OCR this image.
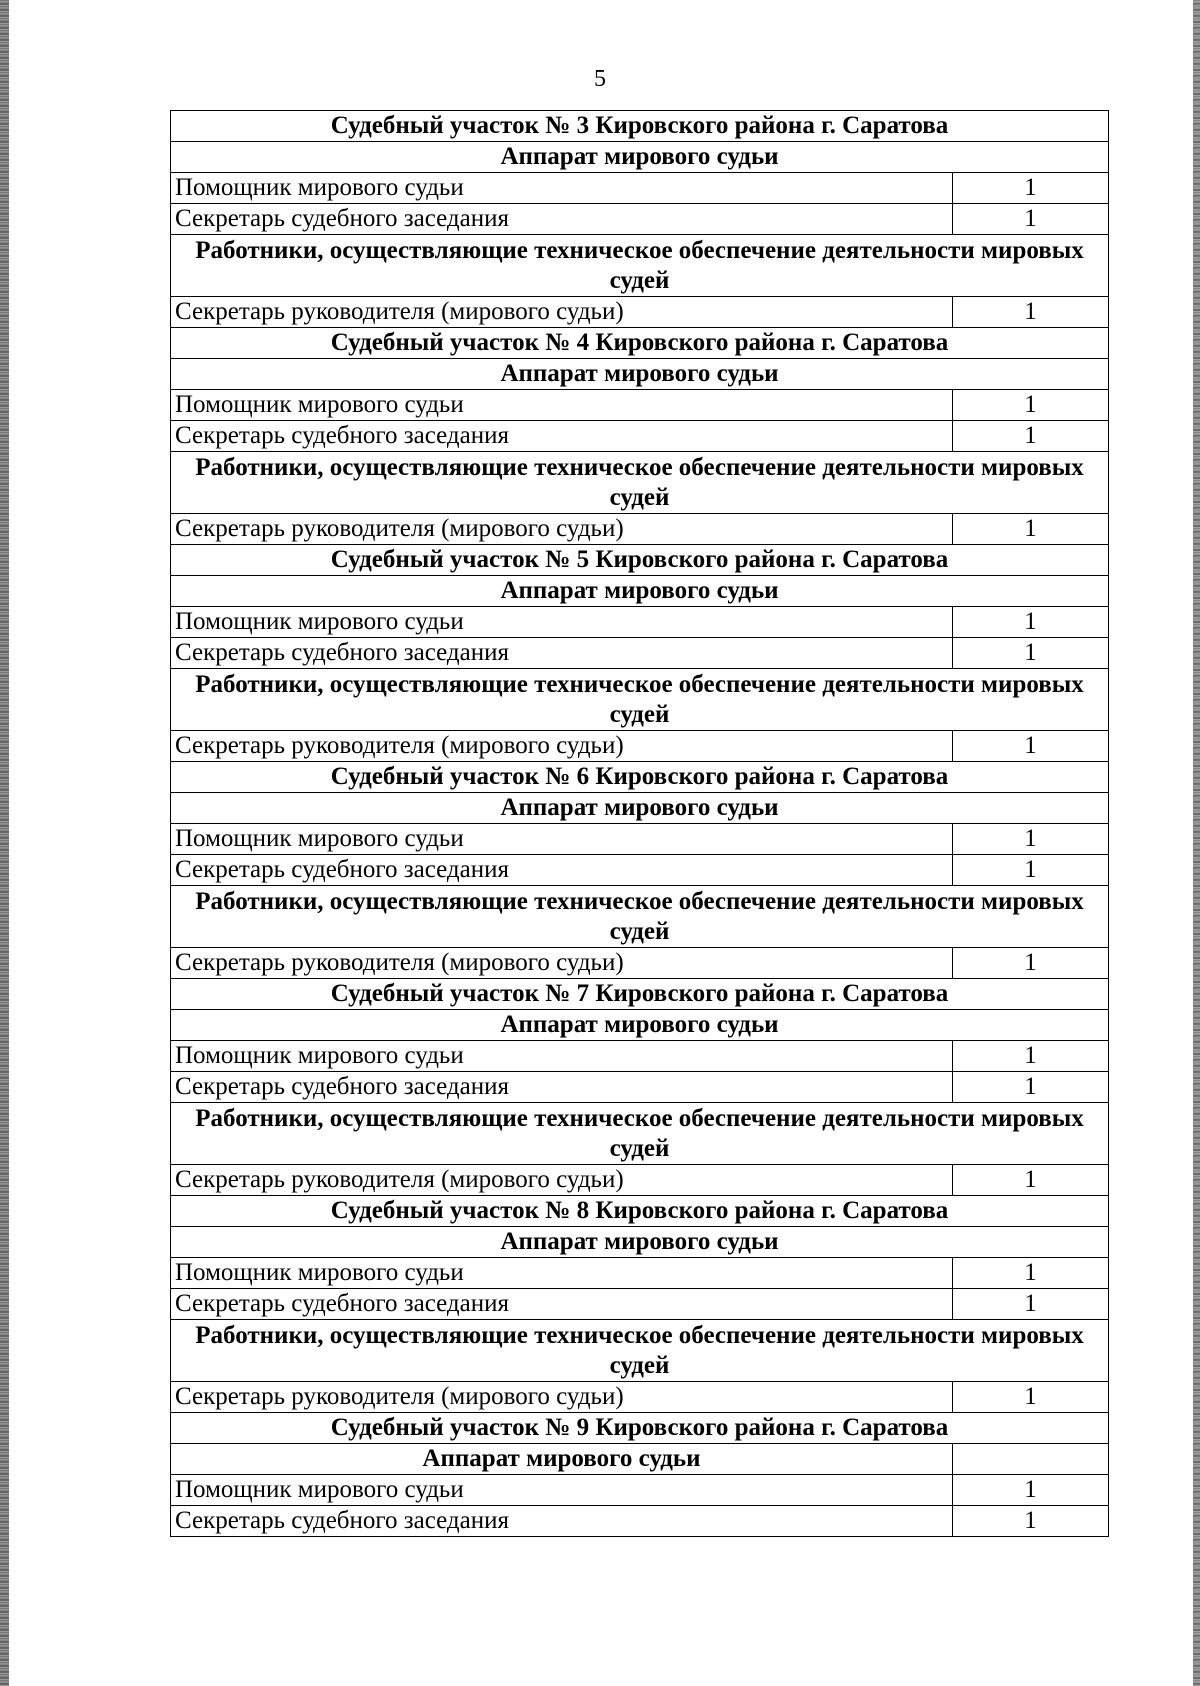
5
Судебный участок № 3 Кировского района г. Саратова	
Аппарат мирового судьи	
Помощник мирового судьи	1
Секретарь судебного заседания	1
Работники, осуществляющие техническое обеспечение деятельности мировых судей	
Секретарь руководителя (мирового судьи)	1
Судебный участок № 4 Кировского района г. Саратова	
Аппарат мирового судьи	
Помощник мирового судьи	1
Секретарь судебного заседания	1
Работники, осуществляющие техническое обеспечение деятельности мировых судей	
Секретарь руководителя (мирового судьи)	1
Судебный участок № 5 Кировского района г. Саратова	
Аппарат мирового судьи	
Помощник мирового судьи	1
Секретарь судебного заседания	1
Работники, осуществляющие техническое обеспечение деятельности мировых судей	
Секретарь руководителя (мирового судьи)	1
Судебный участок № 6 Кировского района г. Саратова	
Аппарат мирового судьи	
Помощник мирового судьи	1
Секретарь судебного заседания	1
Работники, осуществляющие техническое обеспечение деятельности мировых судей	
Секретарь руководителя (мирового судьи)	1
Судебный участок № 7 Кировского района г. Саратова	
Аппарат мирового судьи	
Помощник мирового судьи	1
Секретарь судебного заседания	1
Работники, осуществляющие техническое обеспечение деятельности мировых судей	
Секретарь руководителя (мирового судьи)	1
Судебный участок № 8 Кировского района г. Саратова	
Аппарат мирового судьи	
Помощник мирового судьи	1
Секретарь судебного заседания	1
Работники, осуществляющие техническое обеспечение деятельности мировых судей	
Секретарь руководителя (мирового судьи)	1
Судебный участок № 9 Кировского района г. Саратова	
Аппарат мирового судьи	
Помощник мирового судьи	1
Секретарь судебного заседания	1
